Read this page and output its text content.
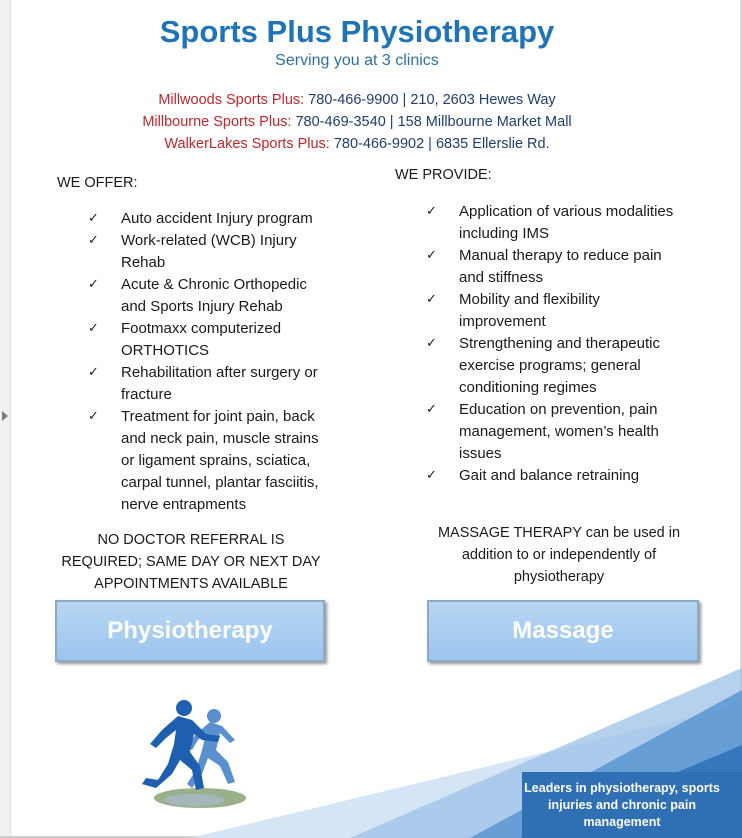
Sports Plus Physiotherapy
Serving you at 3 clinics
Millwoods Sports Plus: 780-466-9900 | 210, 2603 Hewes Way
Millbourne Sports Plus: 780-469-3540 | 158 Millbourne Market Mall
WalkerLakes Sports Plus: 780-466-9902 | 6835 Ellerslie Rd.
WE OFFER:
✓ Auto accident Injury program
✓ Work-related (WCB) Injury Rehab
✓ Acute & Chronic Orthopedic and Sports Injury Rehab
✓ Footmaxx computerized ORTHOTICS
✓ Rehabilitation after surgery or fracture
✓ Treatment for joint pain, back and neck pain, muscle strains or ligament sprains, sciatica, carpal tunnel, plantar fasciitis, nerve entrapments
NO DOCTOR REFERRAL IS REQUIRED; SAME DAY OR NEXT DAY APPOINTMENTS AVAILABLE
Physiotherapy
WE PROVIDE:
✓ Application of various modalities including IMS
✓ Manual therapy to reduce pain and stiffness
✓ Mobility and flexibility improvement
✓ Strengthening and therapeutic exercise programs; general conditioning regimes
✓ Education on prevention, pain management, women’s health issues
✓ Gait and balance retraining
MASSAGE THERAPY can be used in addition to or independently of physiotherapy
Massage
Leaders in physiotherapy, sports injuries and chronic pain management
